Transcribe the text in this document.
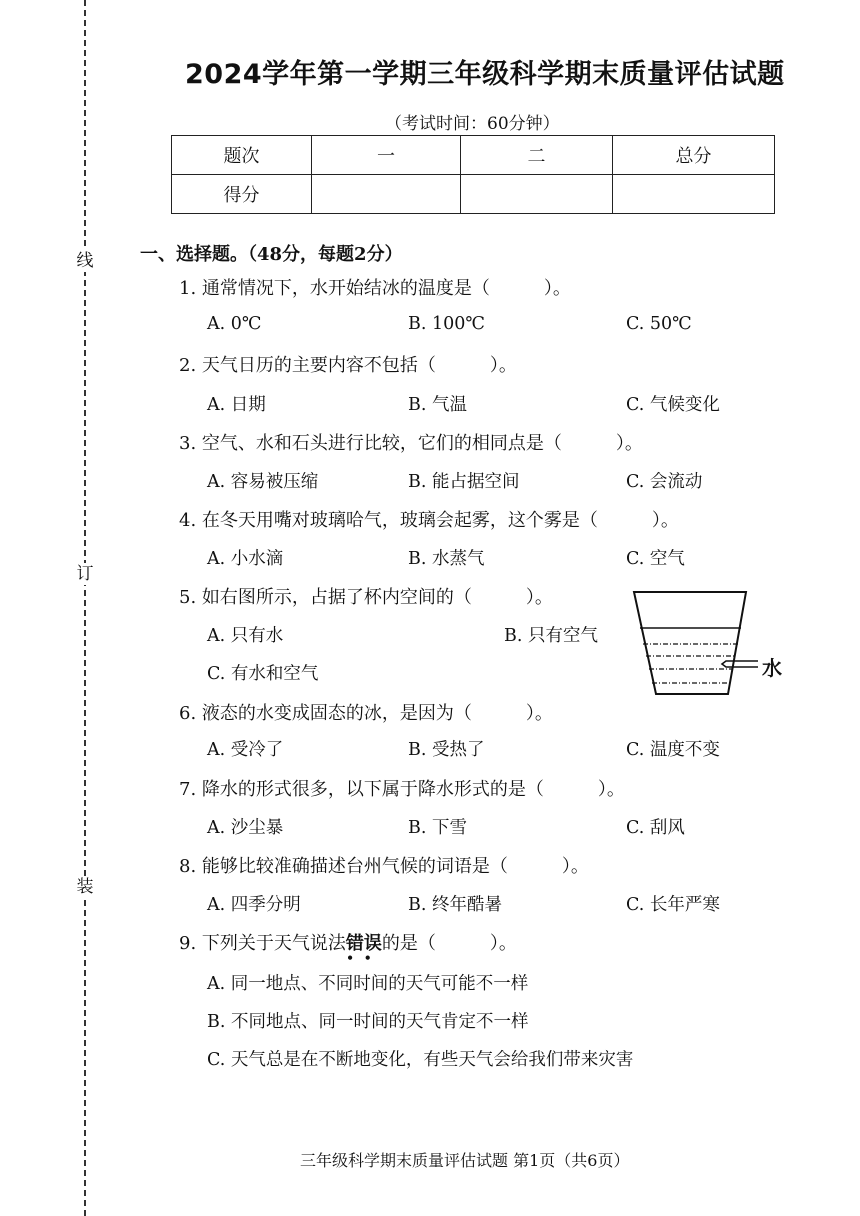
线
订
装
2024学年第一学期三年级科学期末质量评估试题
（考试时间：60分钟）
题次	一	二	总分
得分			
一、选择题。（48分，每题2分）
1. 通常情况下，水开始结冰的温度是（　　　）。
A. 0℃	B. 100℃	C. 50℃
2. 天气日历的主要内容不包括（　　　）。
A. 日期	B. 气温	C. 气候变化
3. 空气、水和石头进行比较，它们的相同点是（　　　）。
A. 容易被压缩	B. 能占据空间	C. 会流动
4. 在冬天用嘴对玻璃哈气，玻璃会起雾，这个雾是（　　　）。
A. 小水滴	B. 水蒸气	C. 空气
5. 如右图所示，占据了杯内空间的（　　　）。
A. 只有水	B. 只有空气
C. 有水和空气	水
6. 液态的水变成固态的冰，是因为（　　　）。
A. 受冷了	B. 受热了	C. 温度不变
7. 降水的形式很多，以下属于降水形式的是（　　　）。
A. 沙尘暴	B. 下雪	C. 刮风
8. 能够比较准确描述台州气候的词语是（　　　）。
A. 四季分明	B. 终年酷暑	C. 长年严寒
9. 下列关于天气说法错误
••
的是（　　　）。
A. 同一地点、不同时间的天气可能不一样
B. 不同地点、同一时间的天气肯定不一样
C. 天气总是在不断地变化，有些天气会给我们带来灾害
三年级科学期末质量评估试题 第1页（共6页）
